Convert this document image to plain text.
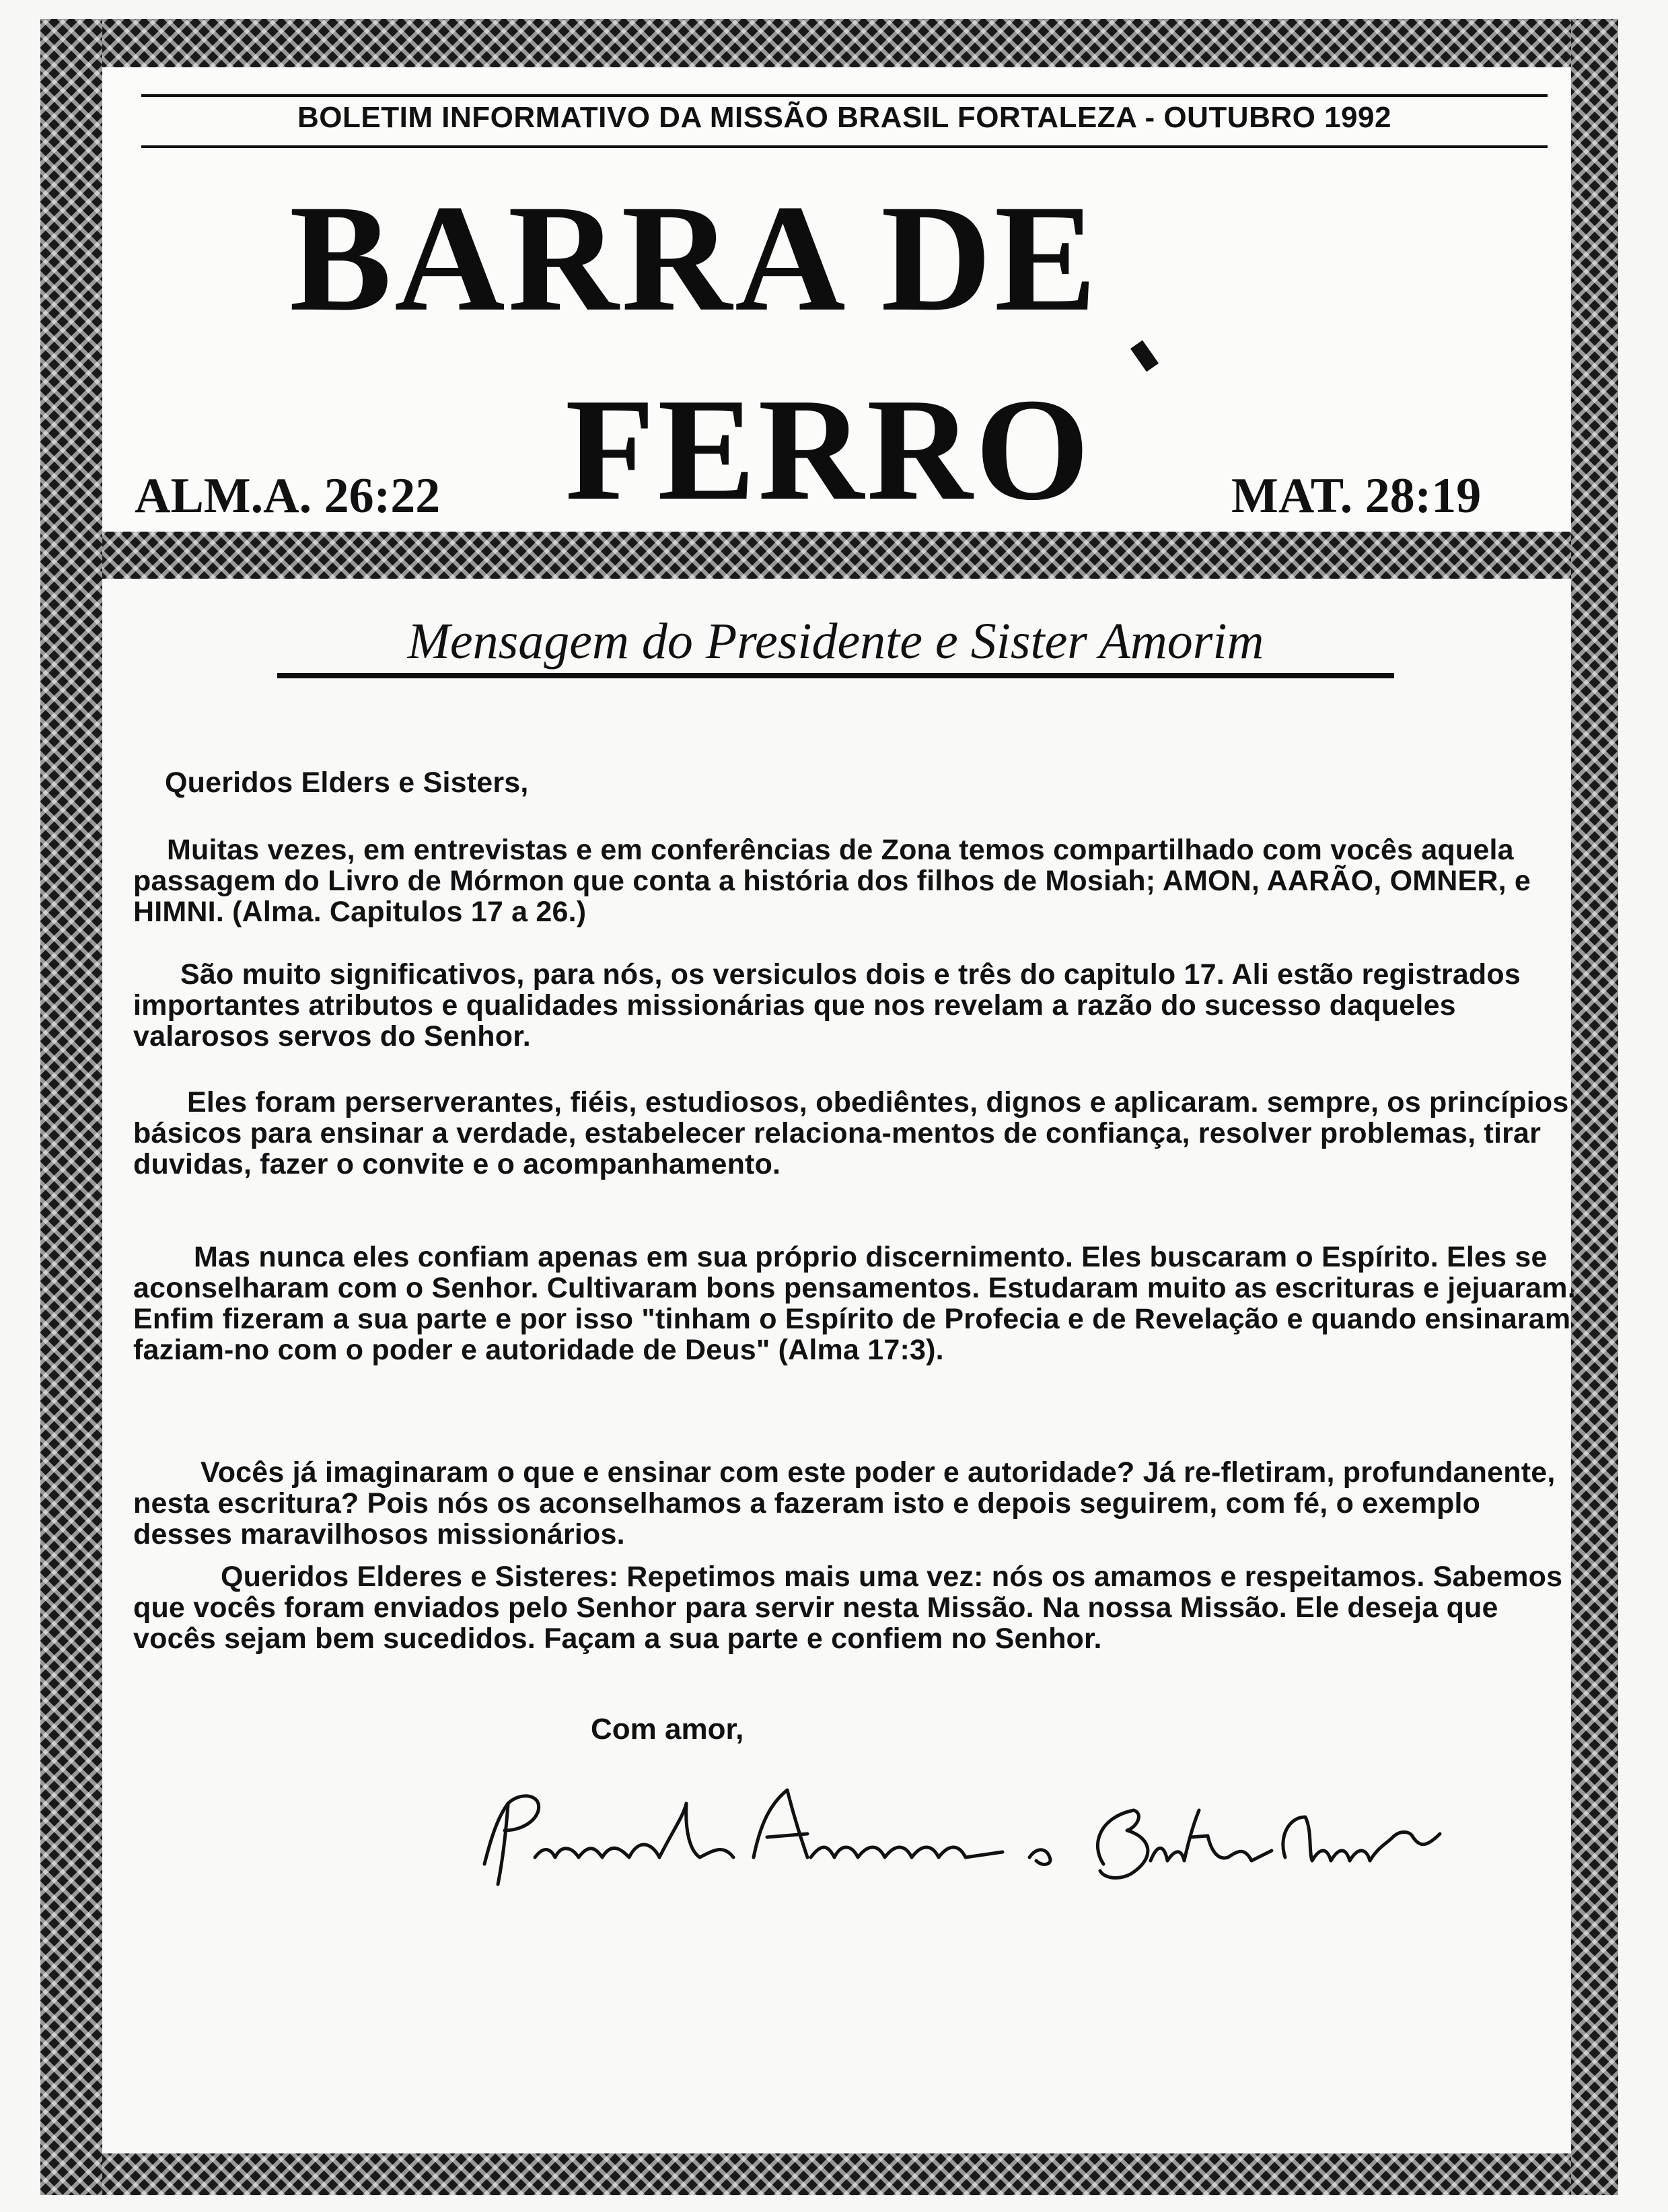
BOLETIM INFORMATIVO DA MISSÃO BRASIL FORTALEZA - OUTUBRO 1992
BARRA DE
FERRO
ALM.A. 26:22	MAT. 28:19
Mensagem do Presidente e Sister Amorim
Queridos Elders e Sisters,
Muitas vezes, em entrevistas e em conferências de Zona temos compartilhado com vocês aquela passagem do Livro de Mórmon que conta a história dos filhos de Mosiah; AMON, AARÃO, OMNER, e HIMNI. (Alma. Capitulos 17 a 26.)
São muito significativos, para nós, os versiculos dois e três do capitulo 17. Ali estão registrados importantes atributos e qualidades missionárias que nos revelam a razão do sucesso daqueles valarosos servos do Senhor.
Eles foram perserverantes, fiéis, estudiosos, obediêntes, dignos e aplicaram. sempre, os princípios básicos para ensinar a verdade, estabelecer relaciona-mentos de confiança, resolver problemas, tirar duvidas, fazer o convite e o acompanhamento.
Mas nunca eles confiam apenas em sua próprio discernimento. Eles buscaram o Espírito. Eles se aconselharam com o Senhor. Cultivaram bons pensamentos. Estudaram muito as escrituras e jejuaram. Enfim fizeram a sua parte e por isso "tinham o Espírito de Profecia e de Revelação e quando ensinaram faziam-no com o poder e autoridade de Deus" (Alma 17:3).
Vocês já imaginaram o que e ensinar com este poder e autoridade? Já re-fletiram, profundanente, nesta escritura? Pois nós os aconselhamos a fazeram isto e depois seguirem, com fé, o exemplo desses maravilhosos missionários.
Queridos Elderes e Sisteres: Repetimos mais uma vez: nós os amamos e respeitamos. Sabemos que vocês foram enviados pelo Senhor para servir nesta Missão. Na nossa Missão. Ele deseja que vocês sejam bem sucedidos. Façam a sua parte e confiem no Senhor.
Com amor,
